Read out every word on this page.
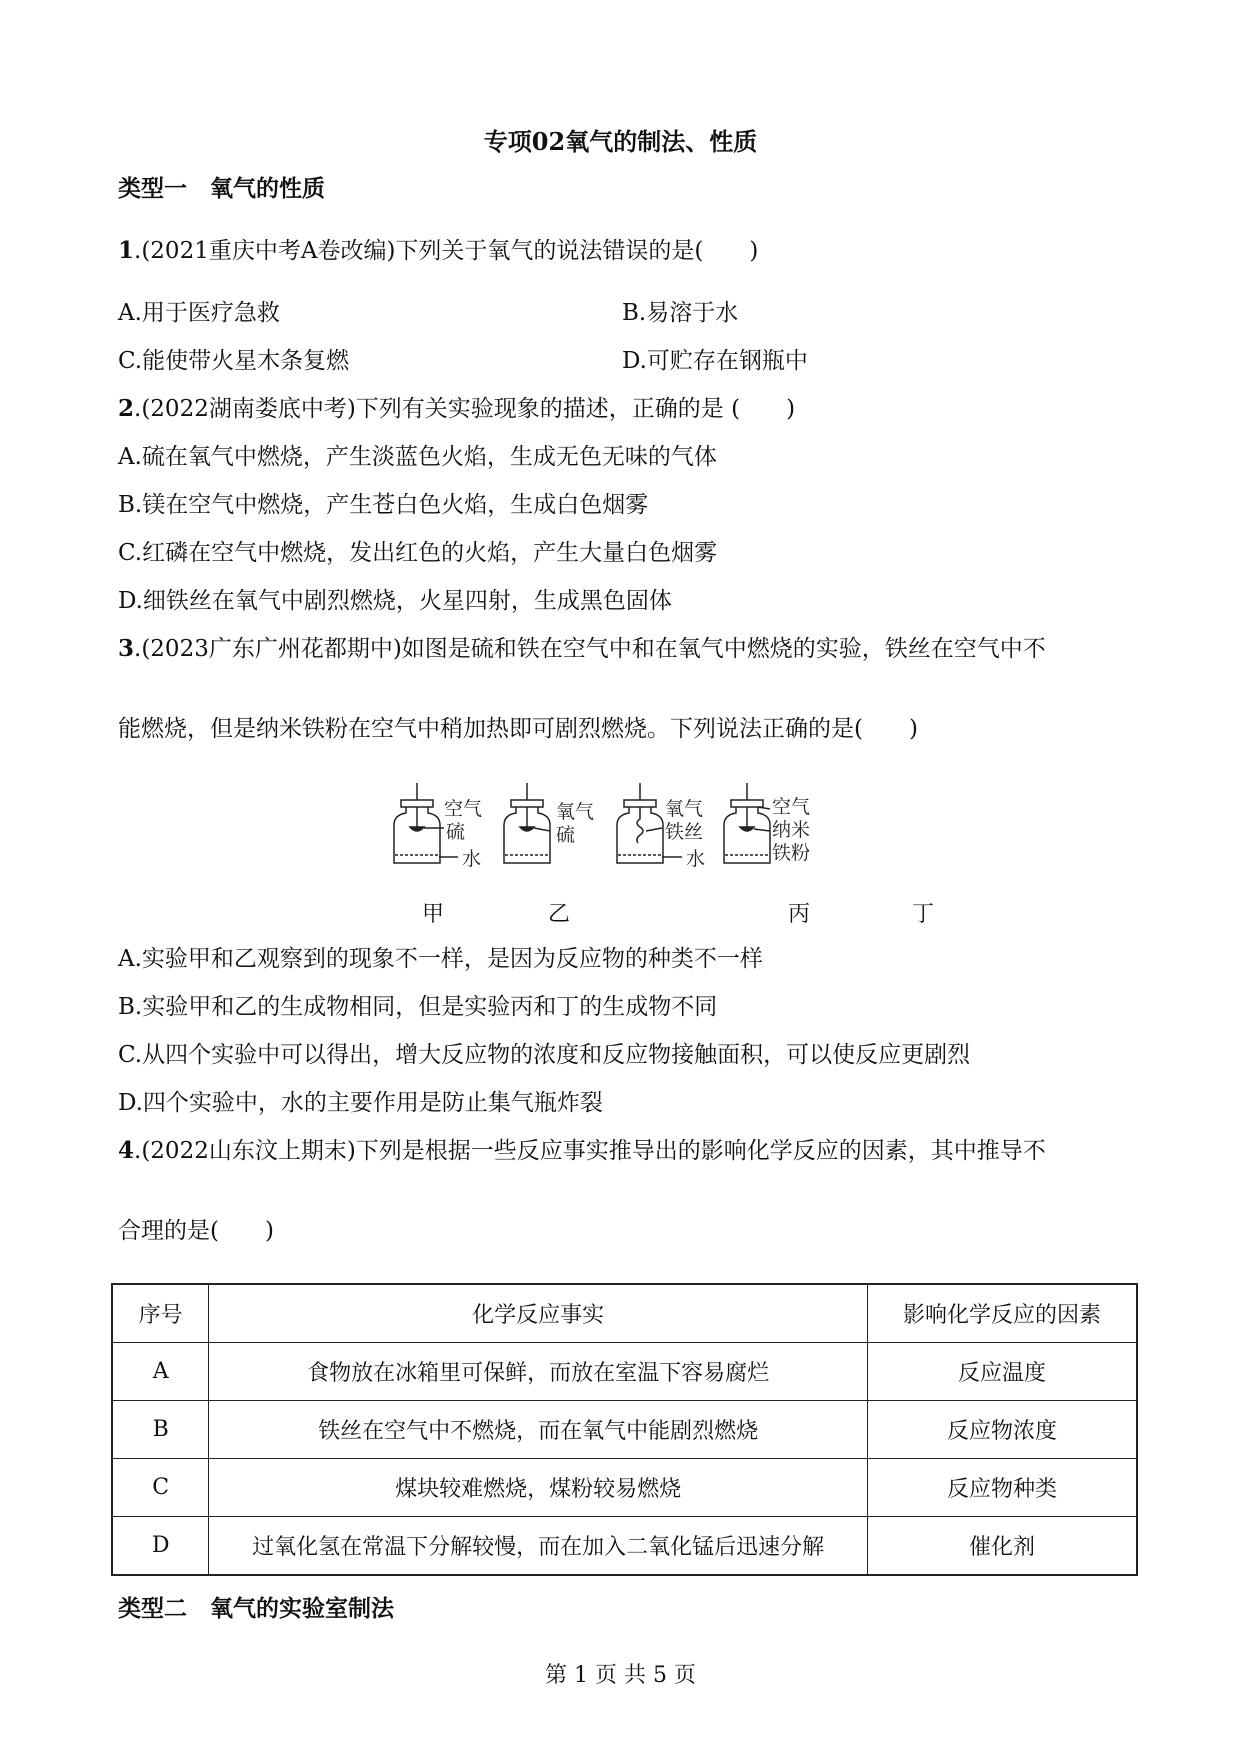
专项02氧气的制法、性质
类型一　氧气的性质
1.(2021重庆中考A卷改编)下列关于氧气的说法错误的是(　　)
A.用于医疗急救	B.易溶于水
C.能使带火星木条复燃	D.可贮存在钢瓶中
2.(2022湖南娄底中考)下列有关实验现象的描述，正确的是 (　　)
A.硫在氧气中燃烧，产生淡蓝色火焰，生成无色无味的气体
B.镁在空气中燃烧，产生苍白色火焰，生成白色烟雾
C.红磷在空气中燃烧，发出红色的火焰，产生大量白色烟雾
D.细铁丝在氧气中剧烈燃烧，火星四射，生成黑色固体
3.(2023广东广州花都期中)如图是硫和铁在空气中和在氧气中燃烧的实验，铁丝在空气中不
能燃烧，但是纳米铁粉在空气中稍加热即可剧烈燃烧。下列说法正确的是(　　)
空气
硫
氧气
硫
水
氧气
铁丝
水
空气
纳米
铁粉
甲	乙	丙	丁
A.实验甲和乙观察到的现象不一样，是因为反应物的种类不一样
B.实验甲和乙的生成物相同，但是实验丙和丁的生成物不同
C.从四个实验中可以得出，增大反应物的浓度和反应物接触面积，可以使反应更剧烈
D.四个实验中，水的主要作用是防止集气瓶炸裂
4.(2022山东汶上期末)下列是根据一些反应事实推导出的影响化学反应的因素，其中推导不
合理的是(　　)
序号	化学反应事实	影响化学反应的因素
A	食物放在冰箱里可保鲜，而放在室温下容易腐烂	反应温度
B	铁丝在空气中不燃烧，而在氧气中能剧烈燃烧	反应物浓度
C	煤块较难燃烧，煤粉较易燃烧	反应物种类
D	过氧化氢在常温下分解较慢，而在加入二氧化锰后迅速分解	催化剂
类型二　氧气的实验室制法
第 1 页 共 5 页
